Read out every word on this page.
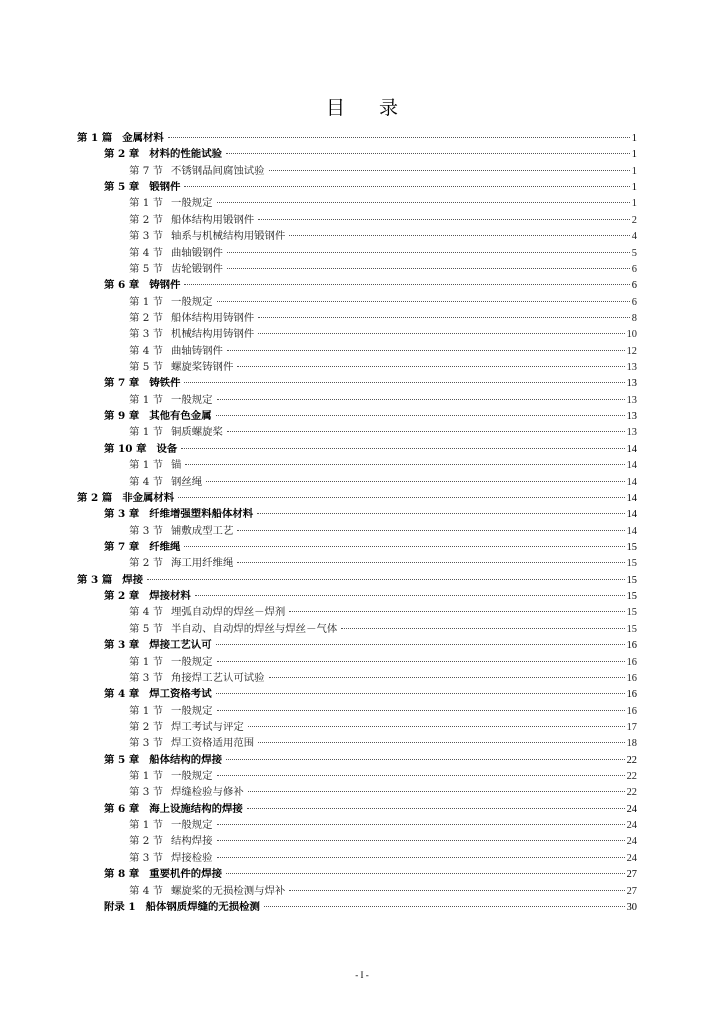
目 录
第 1 篇 金属材料	1
第 2 章 材料的性能试验	1
第 7 节 不锈钢晶间腐蚀试验	1
第 5 章 锻钢件	1
第 1 节 一般规定	1
第 2 节 船体结构用锻钢件	2
第 3 节 轴系与机械结构用锻钢件	4
第 4 节 曲轴锻钢件	5
第 5 节 齿轮锻钢件	6
第 6 章 铸钢件	6
第 1 节 一般规定	6
第 2 节 船体结构用铸钢件	8
第 3 节 机械结构用铸钢件	10
第 4 节 曲轴铸钢件	12
第 5 节 螺旋桨铸钢件	13
第 7 章 铸铁件	13
第 1 节 一般规定	13
第 9 章 其他有色金属	13
第 1 节 铜质螺旋桨	13
第 10 章 设备	14
第 1 节 锚	14
第 4 节 钢丝绳	14
第 2 篇 非金属材料	14
第 3 章 纤维增强塑料船体材料	14
第 3 节 铺敷成型工艺	14
第 7 章 纤维绳	15
第 2 节 海工用纤维绳	15
第 3 篇 焊接	15
第 2 章 焊接材料	15
第 4 节 埋弧自动焊的焊丝－焊剂	15
第 5 节 半自动、自动焊的焊丝与焊丝－气体	15
第 3 章 焊接工艺认可	16
第 1 节 一般规定	16
第 3 节 角接焊工艺认可试验	16
第 4 章 焊工资格考试	16
第 1 节 一般规定	16
第 2 节 焊工考试与评定	17
第 3 节 焊工资格适用范围	18
第 5 章 船体结构的焊接	22
第 1 节 一般规定	22
第 3 节 焊缝检验与修补	22
第 6 章 海上设施结构的焊接	24
第 1 节 一般规定	24
第 2 节 结构焊接	24
第 3 节 焊接检验	24
第 8 章 重要机件的焊接	27
第 4 节 螺旋桨的无损检测与焊补	27
附录 1 船体钢质焊缝的无损检测	30
- I -
